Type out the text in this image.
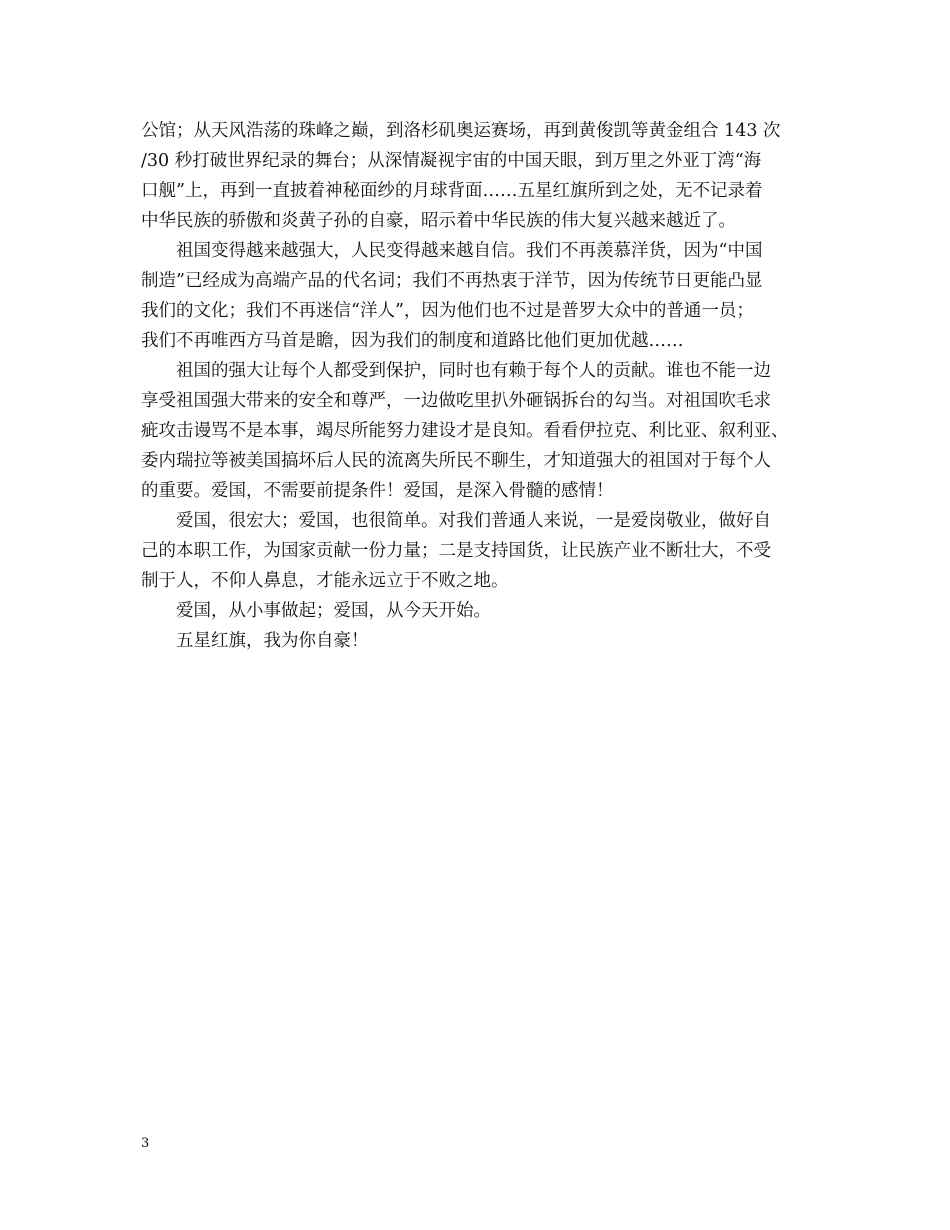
公馆；从天风浩荡的珠峰之巅，到洛杉矶奥运赛场，再到黄俊凯等黄金组合 143 次
/30 秒打破世界纪录的舞台；从深情凝视宇宙的中国天眼，到万里之外亚丁湾“海
口舰”上，再到一直披着神秘面纱的月球背面……五星红旗所到之处，无不记录着
中华民族的骄傲和炎黄子孙的自豪，昭示着中华民族的伟大复兴越来越近了。
祖国变得越来越强大，人民变得越来越自信。我们不再羡慕洋货，因为“中国
制造”已经成为高端产品的代名词；我们不再热衷于洋节，因为传统节日更能凸显
我们的文化；我们不再迷信“洋人”，因为他们也不过是普罗大众中的普通一员；
我们不再唯西方马首是瞻，因为我们的制度和道路比他们更加优越……
祖国的强大让每个人都受到保护，同时也有赖于每个人的贡献。谁也不能一边
享受祖国强大带来的安全和尊严，一边做吃里扒外砸锅拆台的勾当。对祖国吹毛求
疵攻击谩骂不是本事，竭尽所能努力建设才是良知。看看伊拉克、利比亚、叙利亚、
委内瑞拉等被美国搞坏后人民的流离失所民不聊生，才知道强大的祖国对于每个人
的重要。爱国，不需要前提条件！爱国，是深入骨髓的感情！
爱国，很宏大；爱国，也很简单。对我们普通人来说，一是爱岗敬业，做好自
己的本职工作，为国家贡献一份力量；二是支持国货，让民族产业不断壮大，不受
制于人，不仰人鼻息，才能永远立于不败之地。
爱国，从小事做起；爱国，从今天开始。
五星红旗，我为你自豪！
3
